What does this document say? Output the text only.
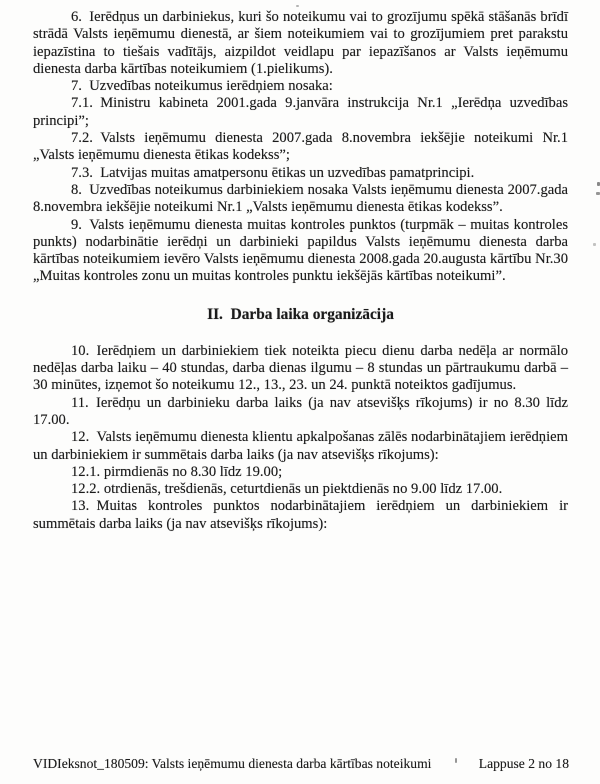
6. Ierēdņus un darbiniekus, kuri šo noteikumu vai to grozījumu spēkā stāšanās brīdī strādā Valsts ieņēmumu dienestā, ar šiem noteikumiem vai to grozījumiem pret parakstu iepazīstina to tiešais vadītājs, aizpildot veidlapu par iepazīšanos ar Valsts ieņēmumu dienesta darba kārtības noteikumiem (1.pielikums).

7. Uzvedības noteikumus ierēdņiem nosaka:

7.1. Ministru kabineta 2001.gada 9.janvāra instrukcija Nr.1 „Ierēdņa uzvedības principi”;

7.2. Valsts ieņēmumu dienesta 2007.gada 8.novembra iekšējie noteikumi Nr.1 „Valsts ieņēmumu dienesta ētikas kodekss”;

7.3. Latvijas muitas amatpersonu ētikas un uzvedības pamatprincipi.

8. Uzvedības noteikumus darbiniekiem nosaka Valsts ieņēmumu dienesta 2007.gada 8.novembra iekšējie noteikumi Nr.1 „Valsts ieņēmumu dienesta ētikas kodekss”.

9. Valsts ieņēmumu dienesta muitas kontroles punktos (turpmāk – muitas kontroles punkts) nodarbinātie ierēdņi un darbinieki papildus Valsts ieņēmumu dienesta darba kārtības noteikumiem ievēro Valsts ieņēmumu dienesta 2008.gada 20.augusta kārtību Nr.30 „Muitas kontroles zonu un muitas kontroles punktu iekšējās kārtības noteikumi”.

II. Darba laika organizācija

10. Ierēdņiem un darbiniekiem tiek noteikta piecu dienu darba nedēļa ar normālo nedēļas darba laiku – 40 stundas, darba dienas ilgumu – 8 stundas un pārtraukumu darbā – 30 minūtes, izņemot šo noteikumu 12., 13., 23. un 24. punktā noteiktos gadījumus.

11. Ierēdņu un darbinieku darba laiks (ja nav atsevišķs rīkojums) ir no 8.30 līdz 17.00.

12. Valsts ieņēmumu dienesta klientu apkalpošanas zālēs nodarbinātajiem ierēdņiem un darbiniekiem ir summētais darba laiks (ja nav atsevišķs rīkojums):

12.1. pirmdienās no 8.30 līdz 19.00;

12.2. otrdienās, trešdienās, ceturtdienās un piektdienās no 9.00 līdz 17.00.

13. Muitas kontroles punktos nodarbinātajiem ierēdņiem un darbiniekiem ir summētais darba laiks (ja nav atsevišķs rīkojums):

VIDIeksnot_180509: Valsts ieņēmumu dienesta darba kārtības noteikumi	Lappuse 2 no 18
